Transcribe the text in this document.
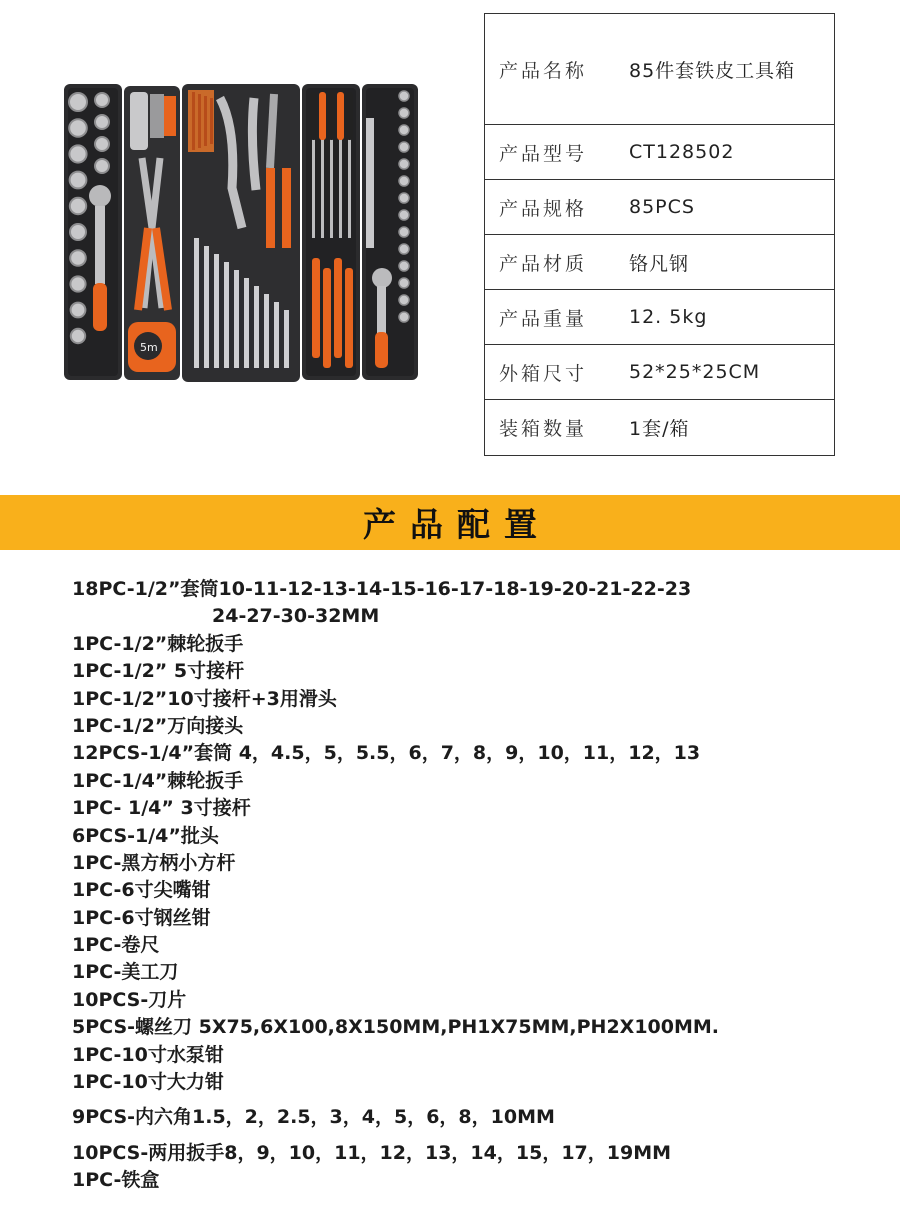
5m
产品名称	85件套铁皮工具箱
产品型号	CT128502
产品规格	85PCS
产品材质	铬凡钢
产品重量	12. 5kg
外箱尺寸	52*25*25CM
装箱数量	1套/箱
产品配置
18PC-1/2”套筒10-11-12-13-14-15-16-17-18-19-20-21-22-23
24-27-30-32MM
1PC-1/2”棘轮扳手
1PC-1/2” 5寸接杆
1PC-1/2”10寸接杆+3用滑头
1PC-1/2”万向接头
12PCS-1/4”套筒 4，4.5，5，5.5，6，7，8，9，10，11，12，13
1PC-1/4”棘轮扳手
1PC- 1/4” 3寸接杆
6PCS-1/4”批头
1PC-黑方柄小方杆
1PC-6寸尖嘴钳
1PC-6寸钢丝钳
1PC-卷尺
1PC-美工刀
10PCS-刀片
5PCS-螺丝刀 5X75,6X100,8X150MM,PH1X75MM,PH2X100MM.
1PC-10寸水泵钳
1PC-10寸大力钳
9PCS-内六角1.5，2，2.5，3，4，5，6，8，10MM
10PCS-两用扳手8，9，10，11，12，13，14，15，17，19MM
1PC-铁盒
